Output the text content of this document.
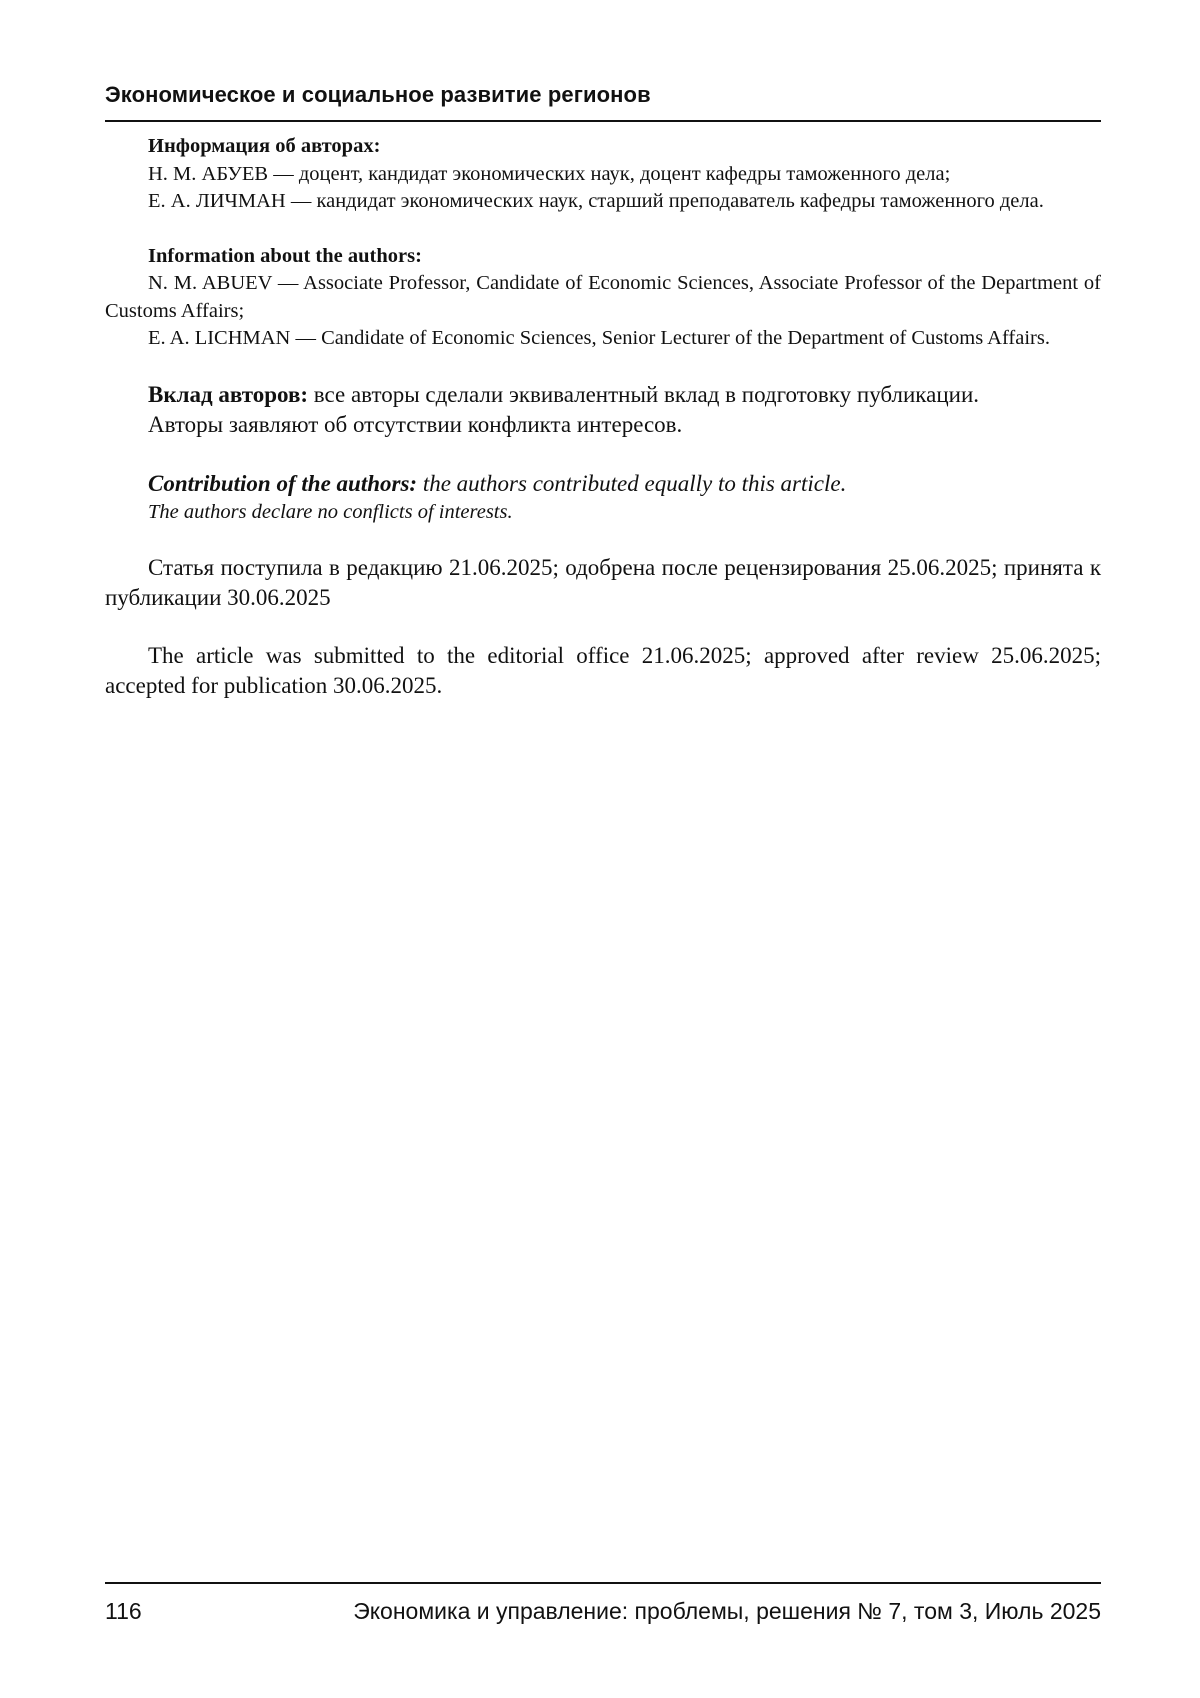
Экономическое и социальное развитие регионов

Информация об авторах:

Н. М. АБУЕВ — доцент, кандидат экономических наук, доцент кафедры таможенного дела;

Е. А. ЛИЧМАН — кандидат экономических наук, старший преподаватель кафедры таможенного дела.

Information about the authors:

N. M. ABUEV — Associate Professor, Candidate of Economic Sciences, Associate Professor of the Department of Customs Affairs;

E. A. LICHMAN — Candidate of Economic Sciences, Senior Lecturer of the Department of Customs Affairs.

Вклад авторов: все авторы сделали эквивалентный вклад в подготовку публикации.

Авторы заявляют об отсутствии конфликта интересов.

Contribution of the authors: the authors contributed equally to this article.

The authors declare no conflicts of interests.

Статья поступила в редакцию 21.06.2025; одобрена после рецензирования 25.06.2025; принята к публикации 30.06.2025

The article was submitted to the editorial office 21.06.2025; approved after review 25.06.2025; accepted for publication 30.06.2025.

116	Экономика и управление: проблемы, решения № 7, том 3, Июль 2025
